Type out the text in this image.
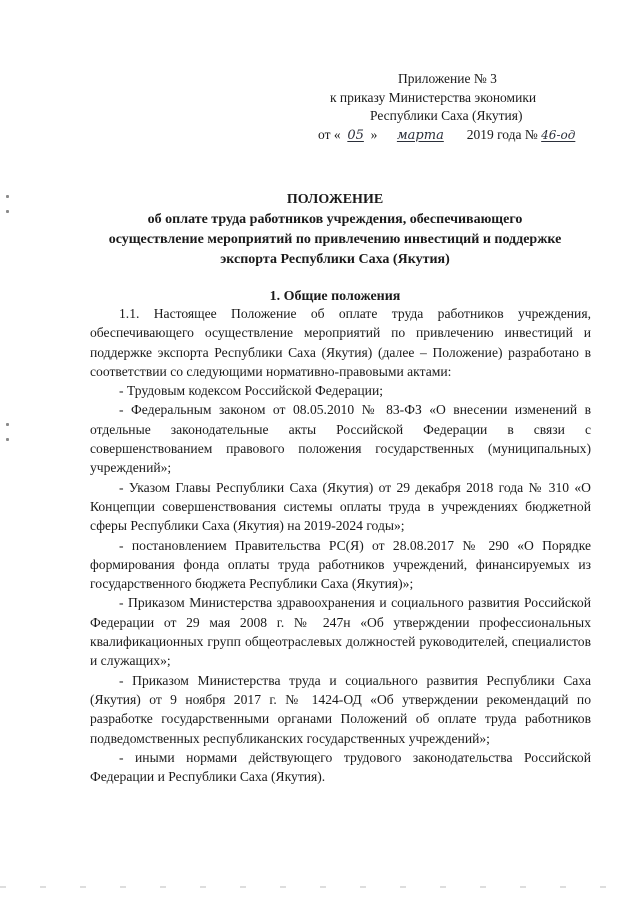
Приложение № 3
к приказу Министерства экономики
Республики Саха (Якутия)
от « 05 » марта 2019 года № 46-од
ПОЛОЖЕНИЕ
об оплате труда работников учреждения, обеспечивающего
осуществление мероприятий по привлечению инвестиций и поддержке
экспорта Республики Саха (Якутия)
1. Общие положения

1.1. Настоящее Положение об оплате труда работников учреждения, обеспечивающего осуществление мероприятий по привлечению инвестиций и поддержке экспорта Республики Саха (Якутия) (далее – Положение) разработано в соответствии со следующими нормативно-правовыми актами:

- Трудовым кодексом Российской Федерации;

- Федеральным законом от 08.05.2010 № 83-ФЗ «О внесении изменений в отдельные законодательные акты Российской Федерации в связи с совершенствованием правового положения государственных (муниципальных) учреждений»;

- Указом Главы Республики Саха (Якутия) от 29 декабря 2018 года № 310 «О Концепции совершенствования системы оплаты труда в учреждениях бюджетной сферы Республики Саха (Якутия) на 2019-2024 годы»;

- постановлением Правительства РС(Я) от 28.08.2017 № 290 «О Порядке формирования фонда оплаты труда работников учреждений, финансируемых из государственного бюджета Республики Саха (Якутия)»;

- Приказом Министерства здравоохранения и социального развития Российской Федерации от 29 мая 2008 г. № 247н «Об утверждении профессиональных квалификационных групп общеотраслевых должностей руководителей, специалистов и служащих»;

- Приказом Министерства труда и социального развития Республики Саха (Якутия) от 9 ноября 2017 г. № 1424-ОД «Об утверждении рекомендаций по разработке государственными органами Положений об оплате труда работников подведомственных республиканских государственных учреждений»;

- иными нормами действующего трудового законодательства Российской Федерации и Республики Саха (Якутия).
